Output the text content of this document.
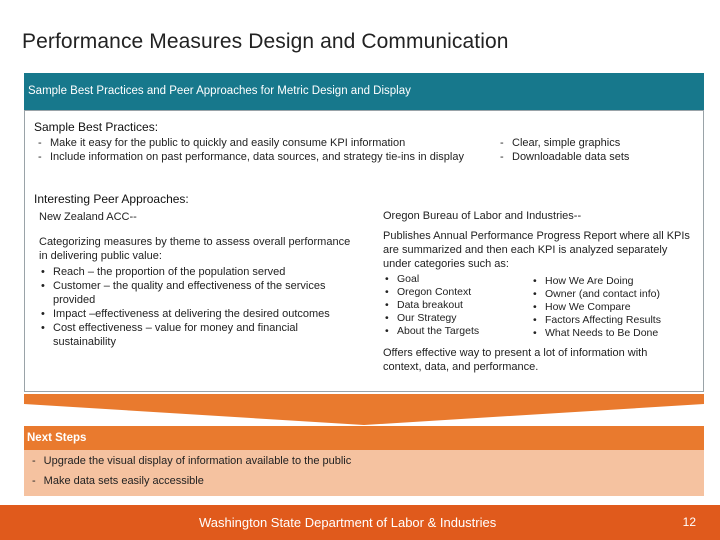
Performance Measures Design and Communication
Sample Best Practices and Peer Approaches for Metric Design and Display
Sample Best Practices:
- Make it easy for the public to quickly and easily consume KPI information
- Include information on past performance, data sources, and strategy tie-ins in display
- Clear, simple graphics
- Downloadable data sets
Interesting Peer Approaches:
New Zealand ACC--
Categorizing measures by theme to assess overall performance in delivering public value:
• Reach – the proportion of the population served
• Customer – the quality and effectiveness of the services provided
• Impact –effectiveness at delivering the desired outcomes
• Cost effectiveness – value for money and financial sustainability
Oregon Bureau of Labor and Industries--
Publishes Annual Performance Progress Report where all KPIs are summarized and then each KPI is analyzed separately under categories such as:
• Goal
• Oregon Context
• Data breakout
• Our Strategy
• About the Targets
• How We Are Doing
• Owner (and contact info)
• How We Compare
• Factors Affecting Results
• What Needs to Be Done
Offers effective way to present a lot of information with context, data, and performance.
Next Steps
- Upgrade the visual display of information available to the public
- Make data sets easily accessible
Washington State Department of Labor & Industries	12
